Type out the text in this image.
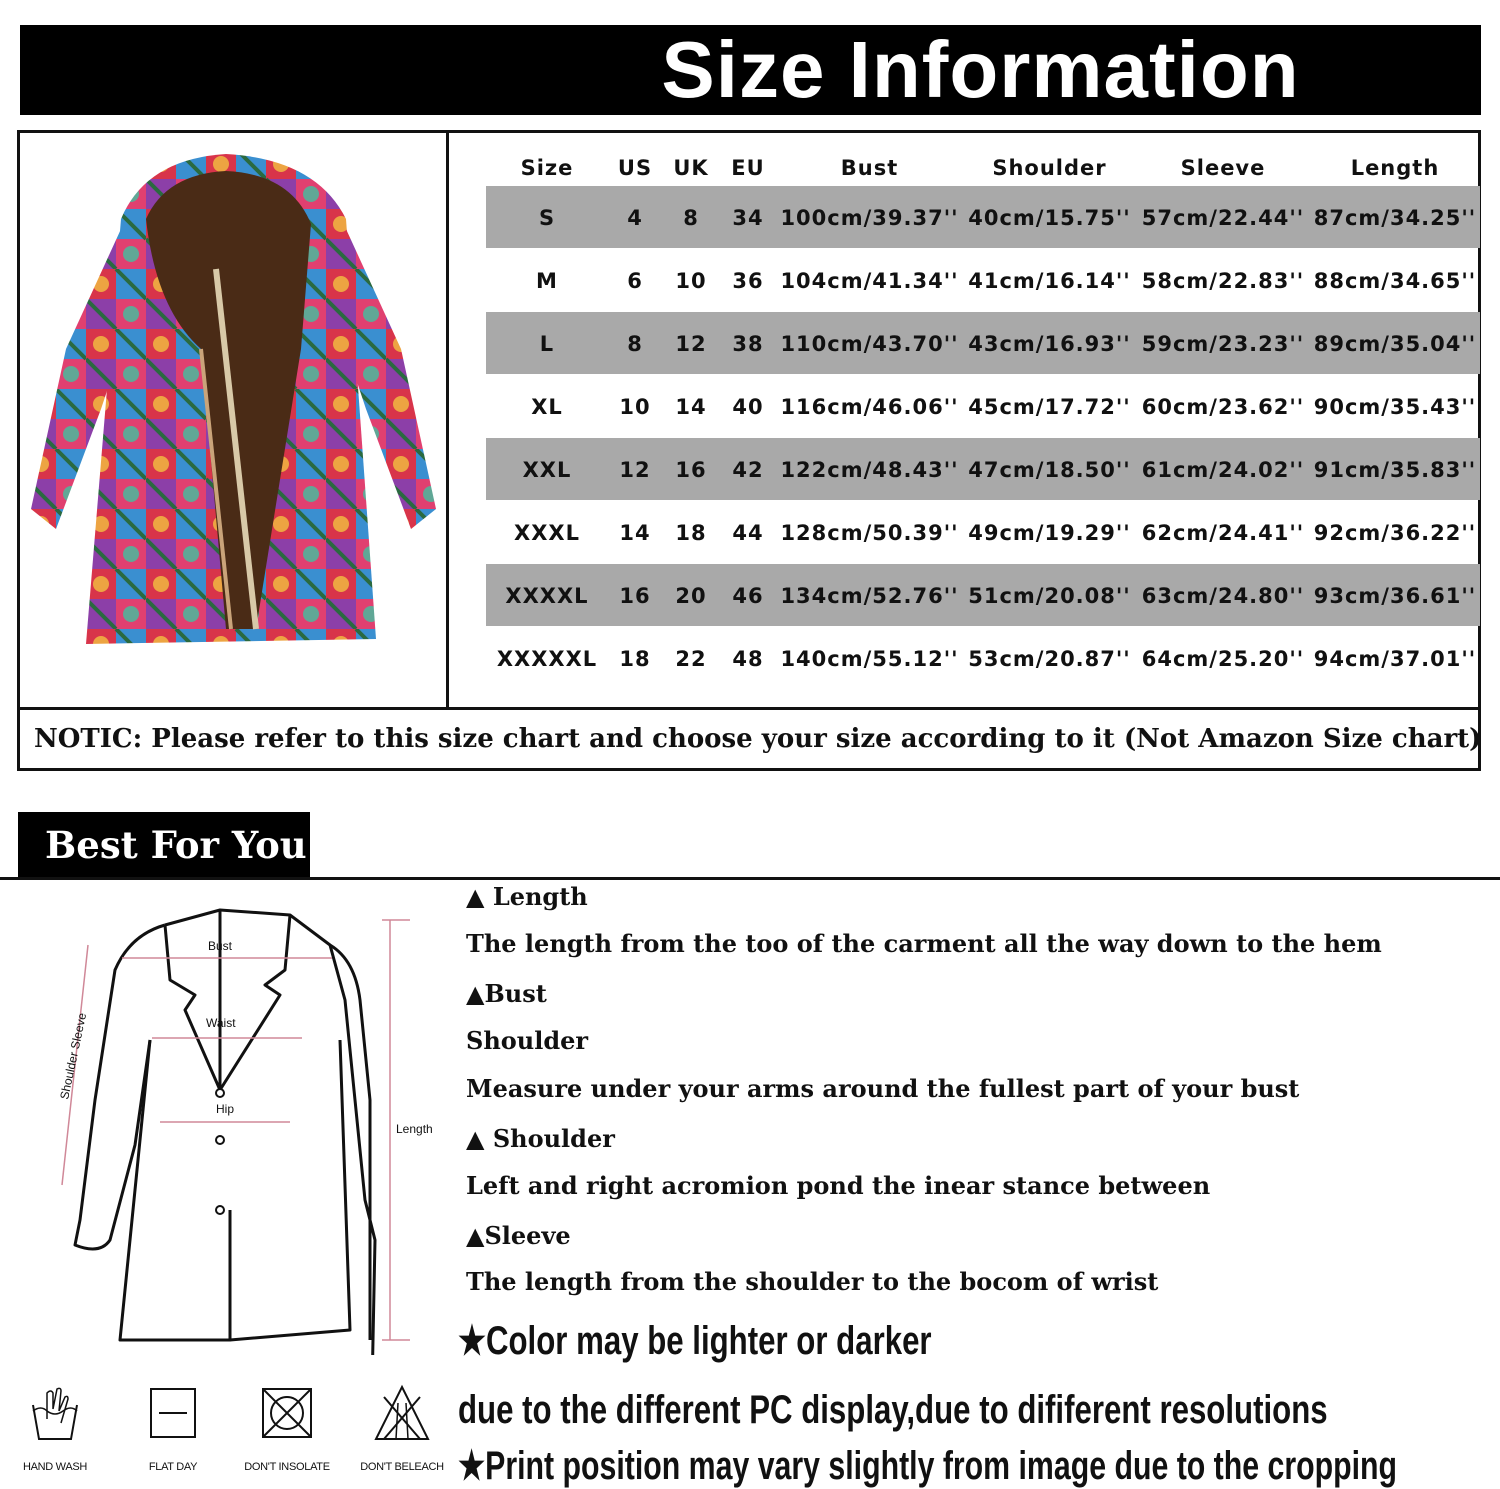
Size Information
Size	US	UK	EU	Bust	Shoulder	Sleeve	Length
S	4	8	34 100cm/39.37'' 40cm/15.75'' 57cm/22.44'' 87cm/34.25''
M	6	10	36 104cm/41.34'' 41cm/16.14'' 58cm/22.83'' 88cm/34.65''
L	8	12	38 110cm/43.70'' 43cm/16.93'' 59cm/23.23'' 89cm/35.04''
XL	10	14	40 116cm/46.06'' 45cm/17.72'' 60cm/23.62'' 90cm/35.43''
XXL	12	16	42 122cm/48.43'' 47cm/18.50'' 61cm/24.02'' 91cm/35.83''
XXXL	14	18	44 128cm/50.39'' 49cm/19.29'' 62cm/24.41'' 92cm/36.22''
XXXXL	16	20	46 134cm/52.76'' 51cm/20.08'' 63cm/24.80'' 93cm/36.61''
XXXXXL	18	22	48 140cm/55.12'' 53cm/20.87'' 64cm/25.20'' 94cm/37.01''
NOTIC: Please refer to this size chart and choose your size according to it (Not Amazon Size chart)
Best For You
Bust
Waist
Hip
Length
Shoulder Sleeve
▲ Length
The length from the too of the carment all the way down to the hem
▲Bust
Shoulder
Measure under your arms around the fullest part of your bust
▲ Shoulder
Left and right acromion pond the inear stance between
▲Sleeve
The length from the shoulder to the bocom of wrist
★Color may be lighter or darker
due to the different PC display,due to dififerent resolutions
★Print position may vary slightly from image due to the cropping
HAND WASH	FLAT DAY	DON'T INSOLATE	DON'T BELEACH
